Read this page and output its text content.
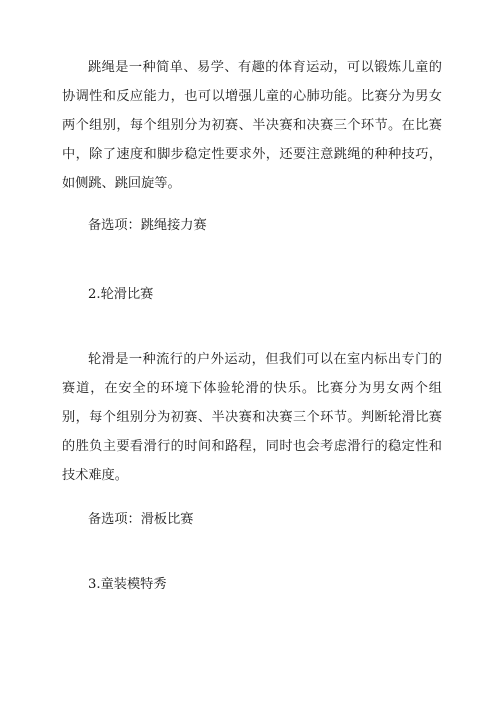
跳绳是一种简单、易学、有趣的体育运动，可以锻炼儿童的协调性和反应能力，也可以增强儿童的心肺功能。比赛分为男女两个组别，每个组别分为初赛、半决赛和决赛三个环节。在比赛中，除了速度和脚步稳定性要求外，还要注意跳绳的种种技巧，如侧跳、跳回旋等。

备选项：跳绳接力赛

2.轮滑比赛

轮滑是一种流行的户外运动，但我们可以在室内标出专门的赛道，在安全的环境下体验轮滑的快乐。比赛分为男女两个组别，每个组别分为初赛、半决赛和决赛三个环节。判断轮滑比赛的胜负主要看滑行的时间和路程，同时也会考虑滑行的稳定性和技术难度。

备选项：滑板比赛

3.童装模特秀
